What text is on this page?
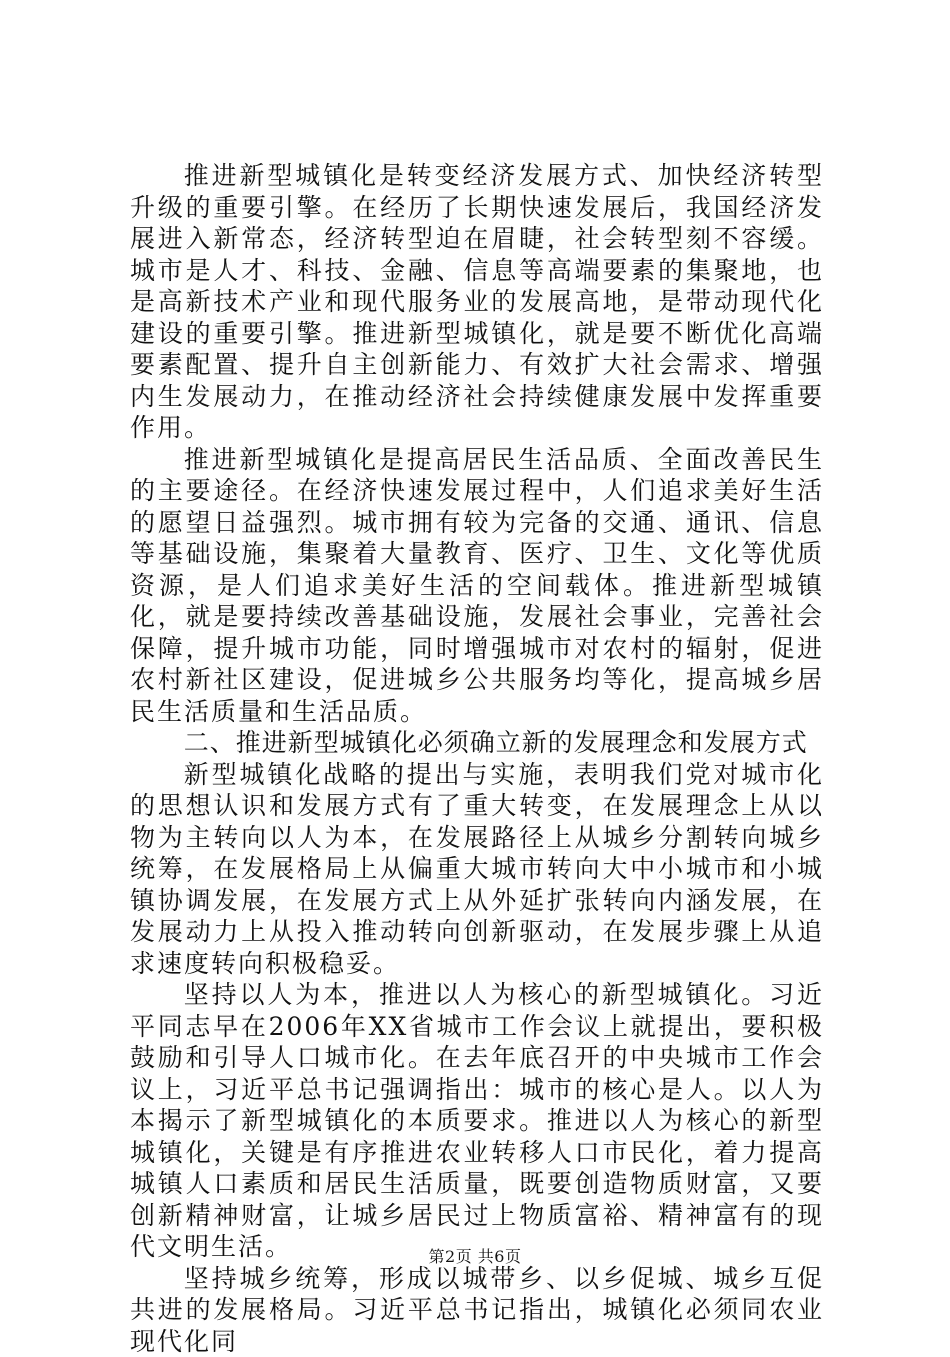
推进新型城镇化是转变经济发展方式、加快经济转型升级的重要引擎。在经历了长期快速发展后，我国经济发展进入新常态，经济转型迫在眉睫，社会转型刻不容缓。城市是人才、科技、金融、信息等高端要素的集聚地，也是高新技术产业和现代服务业的发展高地，是带动现代化建设的重要引擎。推进新型城镇化，就是要不断优化高端要素配置、提升自主创新能力、有效扩大社会需求、增强内生发展动力，在推动经济社会持续健康发展中发挥重要作用。

推进新型城镇化是提高居民生活品质、全面改善民生的主要途径。在经济快速发展过程中，人们追求美好生活的愿望日益强烈。城市拥有较为完备的交通、通讯、信息等基础设施，集聚着大量教育、医疗、卫生、文化等优质资源，是人们追求美好生活的空间载体。推进新型城镇化，就是要持续改善基础设施，发展社会事业，完善社会保障，提升城市功能，同时增强城市对农村的辐射，促进农村新社区建设，促进城乡公共服务均等化，提高城乡居民生活质量和生活品质。

二、推进新型城镇化必须确立新的发展理念和发展方式

新型城镇化战略的提出与实施，表明我们党对城市化的思想认识和发展方式有了重大转变，在发展理念上从以物为主转向以人为本，在发展路径上从城乡分割转向城乡统筹，在发展格局上从偏重大城市转向大中小城市和小城镇协调发展，在发展方式上从外延扩张转向内涵发展，在发展动力上从投入推动转向创新驱动，在发展步骤上从追求速度转向积极稳妥。

坚持以人为本，推进以人为核心的新型城镇化。习近平同志早在2006年XX省城市工作会议上就提出，要积极鼓励和引导人口城市化。在去年底召开的中央城市工作会议上，习近平总书记强调指出：城市的核心是人。以人为本揭示了新型城镇化的本质要求。推进以人为核心的新型城镇化，关键是有序推进农业转移人口市民化，着力提高城镇人口素质和居民生活质量，既要创造物质财富，又要创新精神财富，让城乡居民过上物质富裕、精神富有的现代文明生活。

坚持城乡统筹，形成以城带乡、以乡促城、城乡互促共进的发展格局。习近平总书记指出，城镇化必须同农业现代化同

第2页 共6页
